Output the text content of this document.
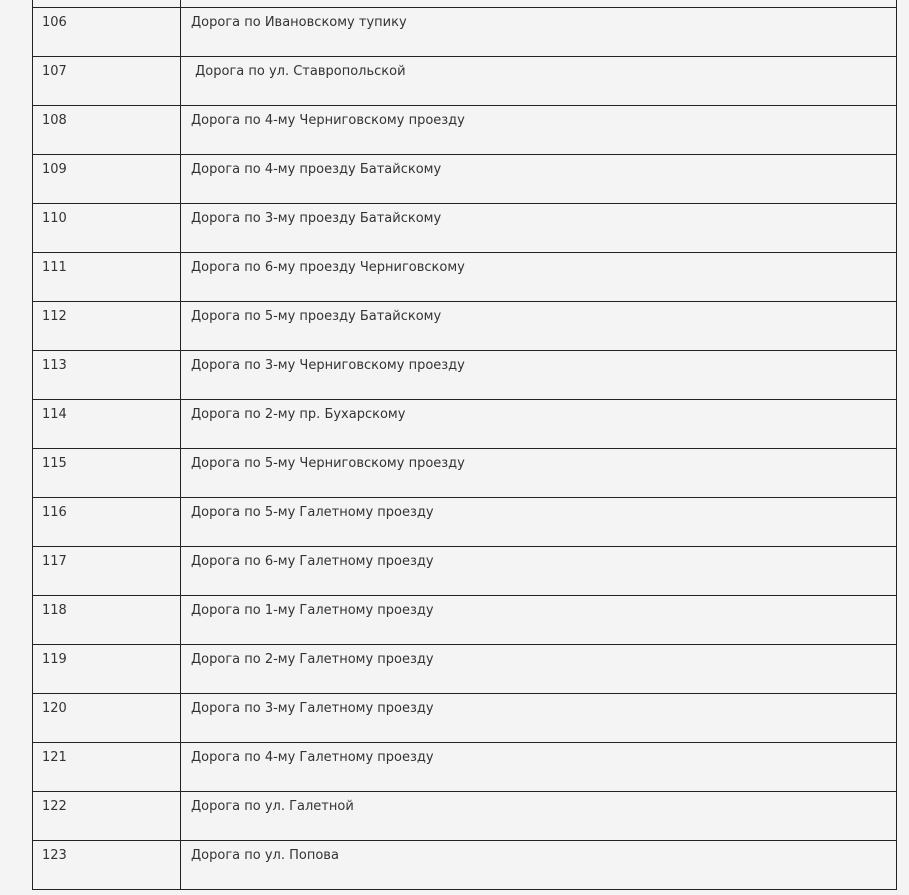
106	Дорога по Ивановскому тупику

107	Дорога по ул. Ставропольской

108	Дорога по 4-му Черниговскому проезду

109	Дорога по 4-му проезду Батайскому

110	Дорога по 3-му проезду Батайскому

111	Дорога по 6-му проезду Черниговскому

112	Дорога по 5-му проезду Батайскому

113	Дорога по 3-му Черниговскому проезду

114	Дорога по 2-му пр. Бухарскому

115	Дорога по 5-му Черниговскому проезду

116	Дорога по 5-му Галетному проезду

117	Дорога по 6-му Галетному проезду

118	Дорога по 1-му Галетному проезду

119	Дорога по 2-му Галетному проезду

120	Дорога по 3-му Галетному проезду

121	Дорога по 4-му Галетному проезду

122	Дорога по ул. Галетной

123	Дорога по ул. Попова
